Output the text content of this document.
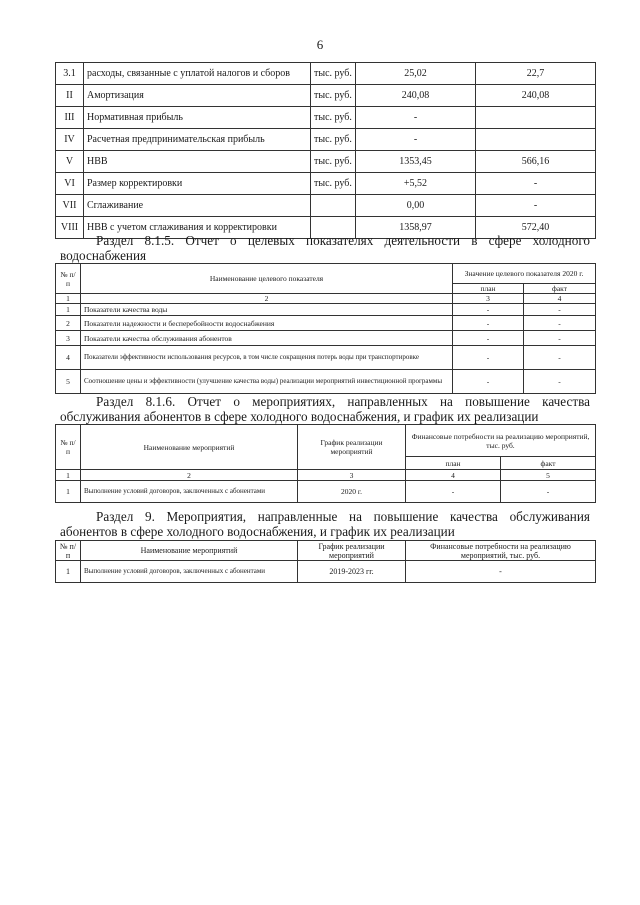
6
3.1	расходы, связанные с уплатой налогов и сборов	тыс. руб.	25,02	22,7
II	Амортизация	тыс. руб.	240,08	240,08
III	Нормативная прибыль	тыс. руб.	-	
IV	Расчетная предпринимательская прибыль	тыс. руб.	-	
V	НВВ	тыс. руб.	1353,45	566,16
VI	Размер корректировки	тыс. руб.	+5,52	-
VII	Сглаживание		0,00	-
VIII	НВВ с учетом сглаживания и корректировки		1358,97	572,40
Раздел 8.1.5. Отчет о целевых показателях деятельности в сфере холодного водоснабжения
№ п/п	Наименование целевого показателя	Значение целевого показателя 2020 г.	
		план	факт
1	2	3	4
1	Показатели качества воды	-	-
2	Показатели надежности и бесперебойности водоснабжения	-	-
3	Показатели качества обслуживания абонентов	-	-
4	Показатели эффективности использования ресурсов, в том числе сокращения потерь воды при транспортировке	-	-
5	Соотношение цены и эффективности (улучшение качества воды) реализации мероприятий инвестиционной программы	-	-
Раздел 8.1.6. Отчет о мероприятиях, направленных на повышение качества обслуживания абонентов в сфере холодного водоснабжения, и график их реализации
№ п/п	Наименование мероприятий	График реализации мероприятий	Финансовые потребности на реализацию мероприятий, тыс. руб.	
			план	факт
1	2	3	4	5
1	Выполнение условий договоров, заключенных с абонентами	2020 г.	-	-
Раздел 9. Мероприятия, направленные на повышение качества обслуживания абонентов в сфере холодного водоснабжения, и график их реализации
№ п/п	Наименование мероприятий	График реализации мероприятий	Финансовые потребности на реализацию мероприятий, тыс. руб.
1	Выполнение условий договоров, заключенных с абонентами	2019-2023 гг.	-
